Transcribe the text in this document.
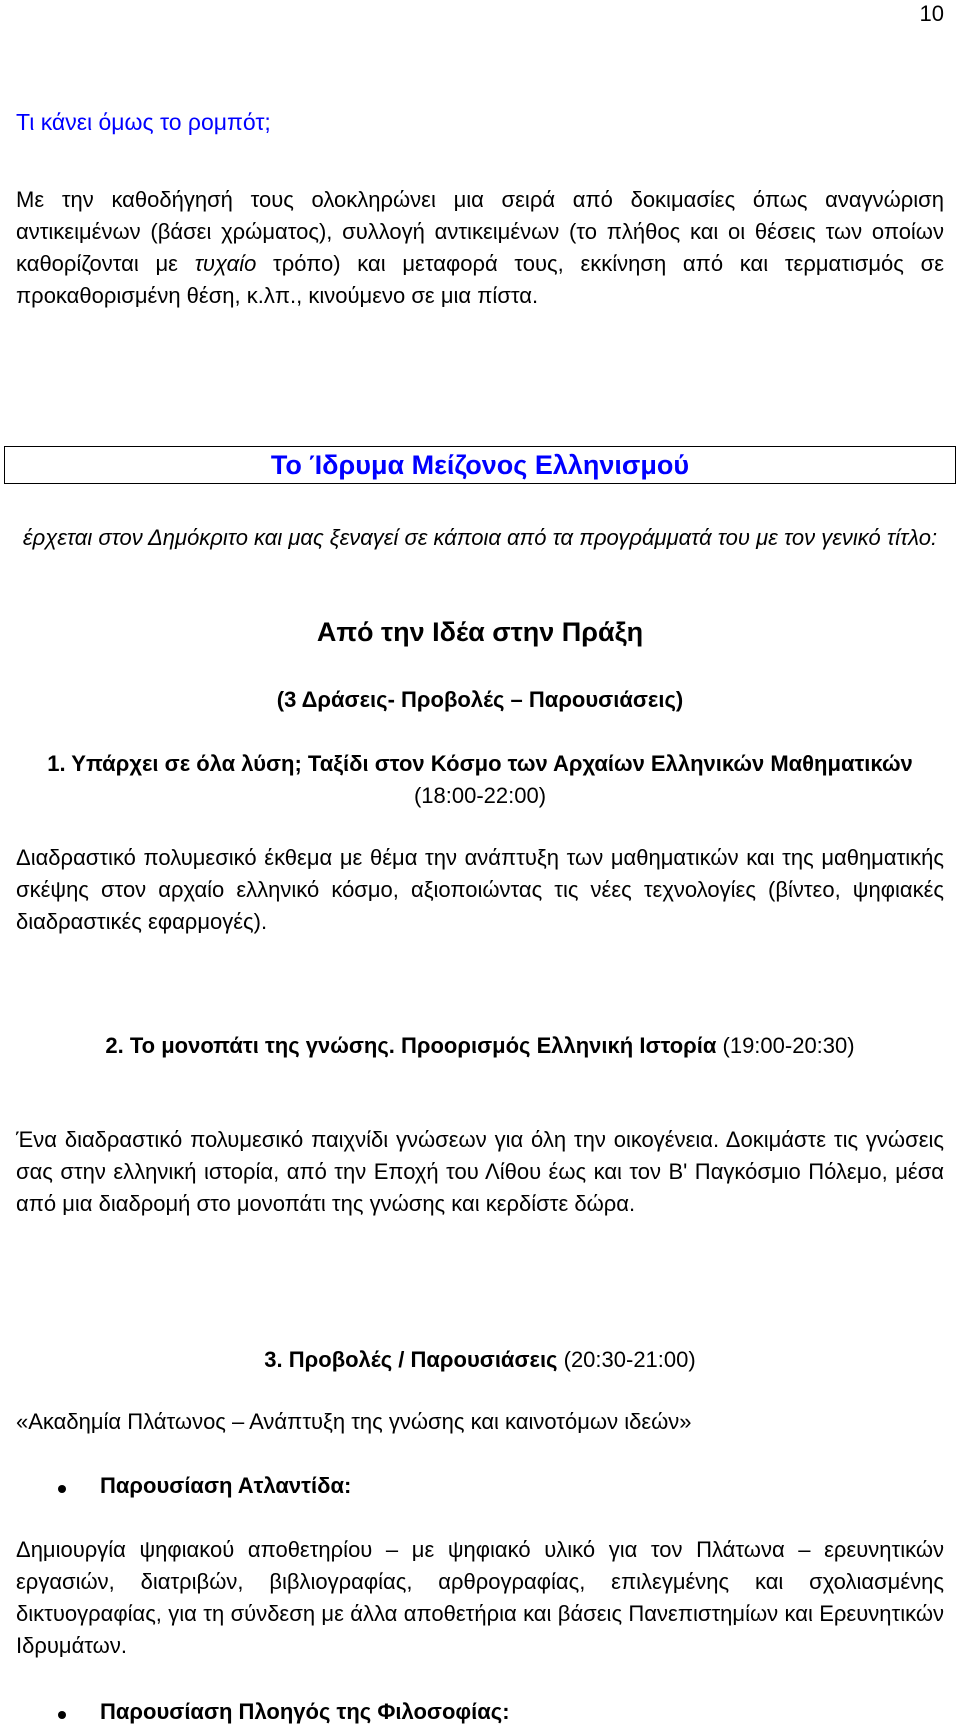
10
Τι κάνει όμως το ρομπότ;
Με την καθοδήγησή τους ολοκληρώνει μια σειρά από δοκιμασίες όπως αναγνώριση αντικειμένων (βάσει χρώματος), συλλογή αντικειμένων (το πλήθος και οι θέσεις των οποίων καθορίζονται με τυχαίο τρόπο) και μεταφορά τους, εκκίνηση από και τερματισμός σε προκαθορισμένη θέση, κ.λπ., κινούμενο σε μια πίστα.
Το Ίδρυμα Μείζονος Ελληνισμού
έρχεται στον Δημόκριτο και μας ξεναγεί σε κάποια από τα προγράμματά του με τον γενικό τίτλο:
Από την Ιδέα στην Πράξη
(3 Δράσεις- Προβολές – Παρουσιάσεις)
1. Υπάρχει σε όλα λύση; Ταξίδι στον Κόσμο των Αρχαίων Ελληνικών Μαθηματικών (18:00-22:00)
Διαδραστικό πολυμεσικό έκθεμα με θέμα την ανάπτυξη των μαθηματικών και της μαθηματικής σκέψης στον αρχαίο ελληνικό κόσμο, αξιοποιώντας τις νέες τεχνολογίες (βίντεο, ψηφιακές διαδραστικές εφαρμογές).
2. Το μονοπάτι της γνώσης. Προορισμός Ελληνική Ιστορία (19:00-20:30)
Ένα διαδραστικό πολυμεσικό παιχνίδι γνώσεων για όλη την οικογένεια. Δοκιμάστε τις γνώσεις σας στην ελληνική ιστορία, από την Εποχή του Λίθου έως και τον Β' Παγκόσμιο Πόλεμο, μέσα από μια διαδρομή στο μονοπάτι της γνώσης και κερδίστε δώρα.
3. Προβολές / Παρουσιάσεις (20:30-21:00)
«Ακαδημία Πλάτωνος – Ανάπτυξη της γνώσης και καινοτόμων ιδεών»
Παρουσίαση Ατλαντίδα:
Δημιουργία ψηφιακού αποθετηρίου – με ψηφιακό υλικό για τον Πλάτωνα – ερευνητικών εργασιών, διατριβών, βιβλιογραφίας, αρθρογραφίας, επιλεγμένης και σχολιασμένης δικτυογραφίας, για τη σύνδεση με άλλα αποθετήρια και βάσεις Πανεπιστημίων και Ερευνητικών Ιδρυμάτων.
Παρουσίαση Πλοηγός της Φιλοσοφίας:
